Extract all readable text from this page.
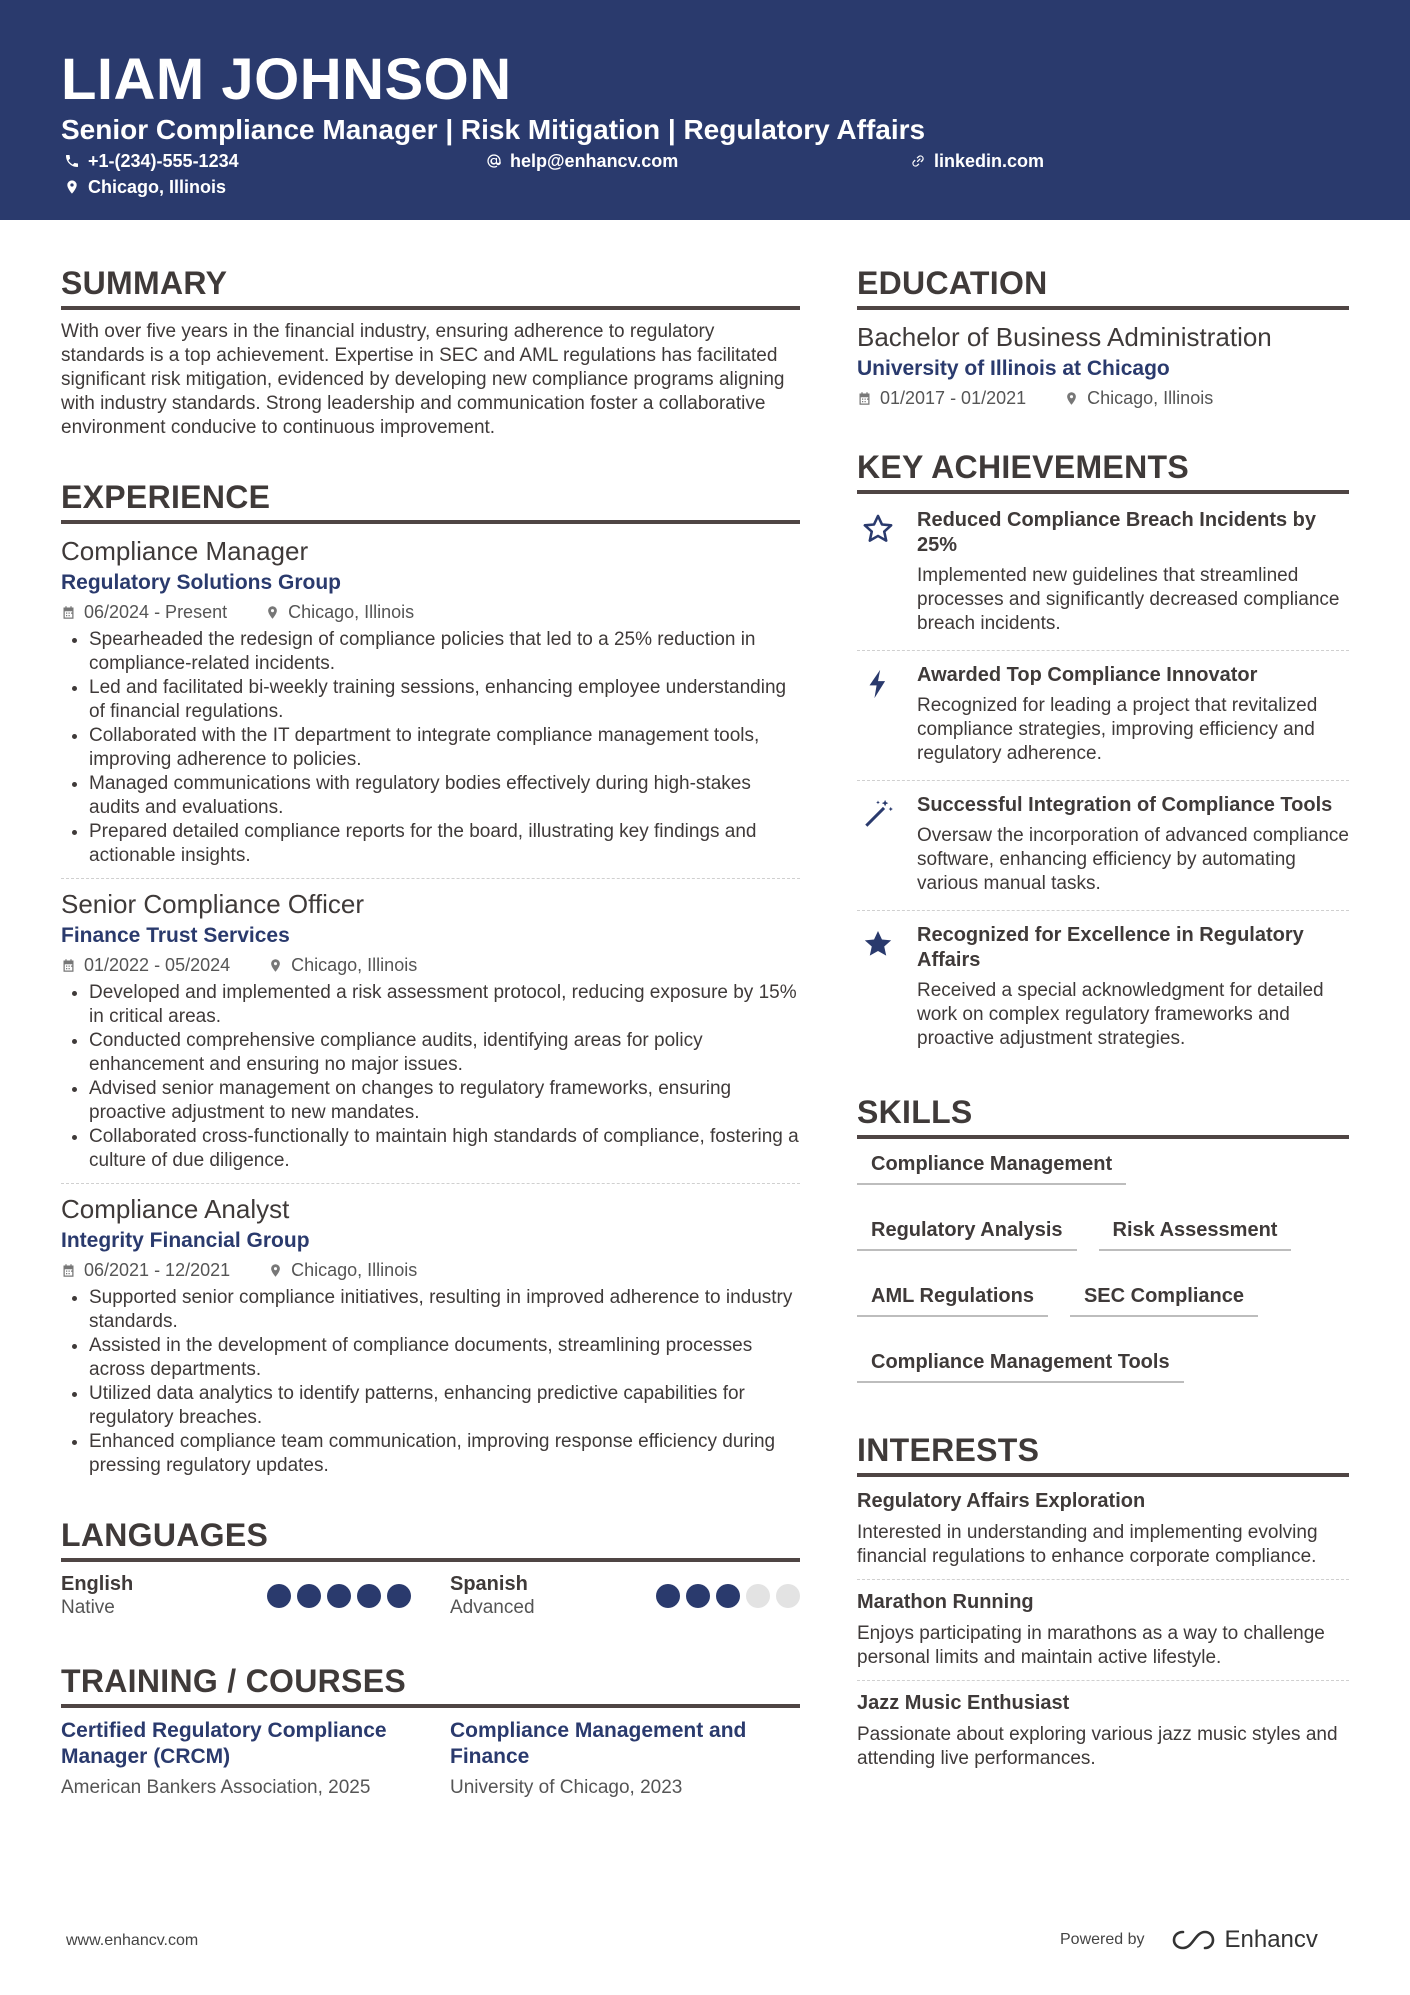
LIAM JOHNSON
Senior Compliance Manager | Risk Mitigation | Regulatory Affairs
+1-(234)-555-1234	help@enhancv.com	linkedin.com
Chicago, Illinois
SUMMARY

With over five years in the financial industry, ensuring adherence to regulatory standards is a top achievement. Expertise in SEC and AML regulations has facilitated significant risk mitigation, evidenced by developing new compliance programs aligning with industry standards. Strong leadership and communication foster a collaborative environment conducive to continuous improvement.

EXPERIENCE
Compliance Manager
Regulatory Solutions Group
06/2024 - Present	Chicago, Illinois
• Spearheaded the redesign of compliance policies that led to a 25% reduction in compliance-related incidents.
• Led and facilitated bi-weekly training sessions, enhancing employee understanding of financial regulations.
• Collaborated with the IT department to integrate compliance management tools, improving adherence to policies.
• Managed communications with regulatory bodies effectively during high-stakes audits and evaluations.
• Prepared detailed compliance reports for the board, illustrating key findings and actionable insights.
Senior Compliance Officer
Finance Trust Services
01/2022 - 05/2024	Chicago, Illinois
• Developed and implemented a risk assessment protocol, reducing exposure by 15% in critical areas.
• Conducted comprehensive compliance audits, identifying areas for policy enhancement and ensuring no major issues.
• Advised senior management on changes to regulatory frameworks, ensuring proactive adjustment to new mandates.
• Collaborated cross-functionally to maintain high standards of compliance, fostering a culture of due diligence.
Compliance Analyst
Integrity Financial Group
06/2021 - 12/2021	Chicago, Illinois
• Supported senior compliance initiatives, resulting in improved adherence to industry standards.
• Assisted in the development of compliance documents, streamlining processes across departments.
• Utilized data analytics to identify patterns, enhancing predictive capabilities for regulatory breaches.
• Enhanced compliance team communication, improving response efficiency during pressing regulatory updates.
LANGUAGES
English
Native
Spanish
Advanced
TRAINING / COURSES
Certified Regulatory Compliance Manager (CRCM)
American Bankers Association, 2025
Compliance Management and Finance
University of Chicago, 2023
EDUCATION
Bachelor of Business Administration
University of Illinois at Chicago
01/2017 - 01/2021	Chicago, Illinois
KEY ACHIEVEMENTS
Reduced Compliance Breach Incidents by 25%
Implemented new guidelines that streamlined processes and significantly decreased compliance breach incidents.
Awarded Top Compliance Innovator
Recognized for leading a project that revitalized compliance strategies, improving efficiency and regulatory adherence.
Successful Integration of Compliance Tools
Oversaw the incorporation of advanced compliance software, enhancing efficiency by automating various manual tasks.
Recognized for Excellence in Regulatory Affairs
Received a special acknowledgment for detailed work on complex regulatory frameworks and proactive adjustment strategies.
SKILLS
Compliance Management
Regulatory Analysis	Risk Assessment
AML Regulations	SEC Compliance
Compliance Management Tools
INTERESTS
Regulatory Affairs Exploration
Interested in understanding and implementing evolving financial regulations to enhance corporate compliance.
Marathon Running
Enjoys participating in marathons as a way to challenge personal limits and maintain active lifestyle.
Jazz Music Enthusiast
Passionate about exploring various jazz music styles and attending live performances.
www.enhancv.com	Powered by	Enhancv
